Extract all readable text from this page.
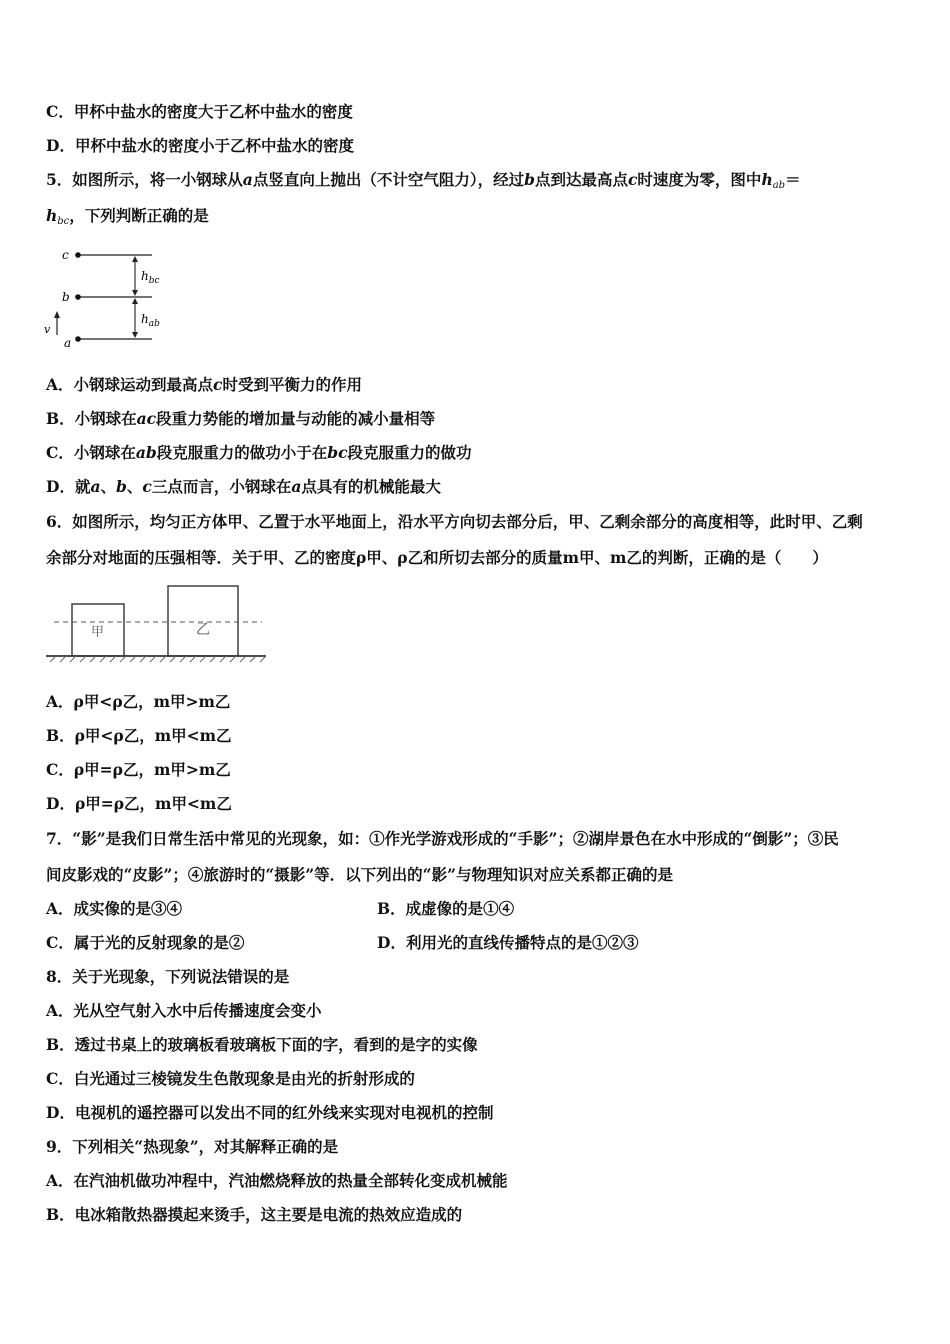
C．甲杯中盐水的密度大于乙杯中盐水的密度
D．甲杯中盐水的密度小于乙杯中盐水的密度
5．如图所示，将一小钢球从a点竖直向上抛出（不计空气阻力），经过b点到达最高点c时速度为零，图中$h_{ab}=$
$h_{bc}$，下列判断正确的是
c
b
a
v
$h_{bc}$
$h_{ab}$
A．小钢球运动到最高点c时受到平衡力的作用
B．小钢球在ac段重力势能的增加量与动能的减小量相等
C．小钢球在ab段克服重力的做功小于在bc段克服重力的做功
D．就a、b、c三点而言，小钢球在a点具有的机械能最大
6．如图所示，均匀正方体甲、乙置于水平地面上，沿水平方向切去部分后，甲、乙剩余部分的高度相等，此时甲、乙剩
余部分对地面的压强相等．关于甲、乙的密度ρ甲、ρ乙和所切去部分的质量m甲、m乙的判断，正确的是（　　）
甲	乙
A．ρ甲<ρ乙，m甲>m乙
B．ρ甲<ρ乙，m甲<m乙
C．ρ甲=ρ乙，m甲>m乙
D．ρ甲=ρ乙，m甲<m乙
7．“影”是我们日常生活中常见的光现象，如：①作光学游戏形成的“手影”；②湖岸景色在水中形成的“倒影”；③民
间皮影戏的“皮影”；④旅游时的“摄影”等．以下列出的“影”与物理知识对应关系都正确的是
A．成实像的是③④	B．成虚像的是①④
C．属于光的反射现象的是②	D．利用光的直线传播特点的是①②③
8．关于光现象，下列说法错误的是
A．光从空气射入水中后传播速度会变小
B．透过书桌上的玻璃板看玻璃板下面的字，看到的是字的实像
C．白光通过三棱镜发生色散现象是由光的折射形成的
D．电视机的遥控器可以发出不同的红外线来实现对电视机的控制
9．下列相关“热现象”，对其解释正确的是
A．在汽油机做功冲程中，汽油燃烧释放的热量全部转化变成机械能
B．电冰箱散热器摸起来烫手，这主要是电流的热效应造成的
